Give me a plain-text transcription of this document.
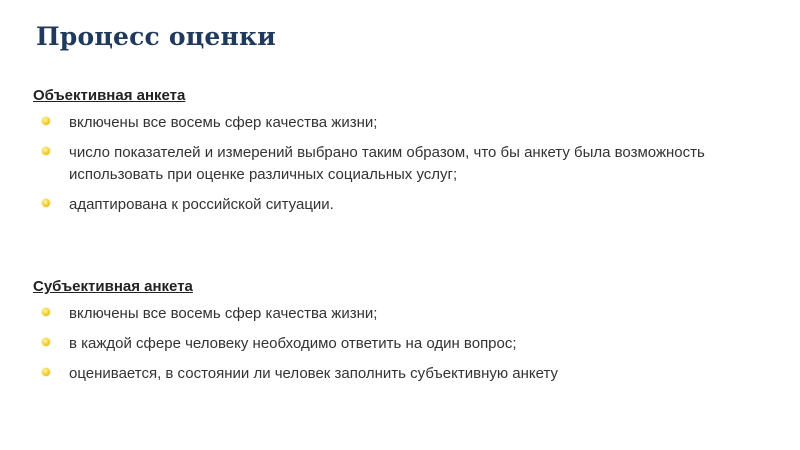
Процесс оценки
Объективная анкета
включены все восемь сфер качества жизни;
число показателей и измерений выбрано таким образом, что бы анкету была возможность использовать при оценке различных социальных услуг;
адаптирована к российской ситуации.
Субъективная анкета
включены все восемь сфер качества жизни;
в каждой сфере человеку необходимо ответить на один вопрос;
оценивается, в состоянии ли человек заполнить субъективную анкету
